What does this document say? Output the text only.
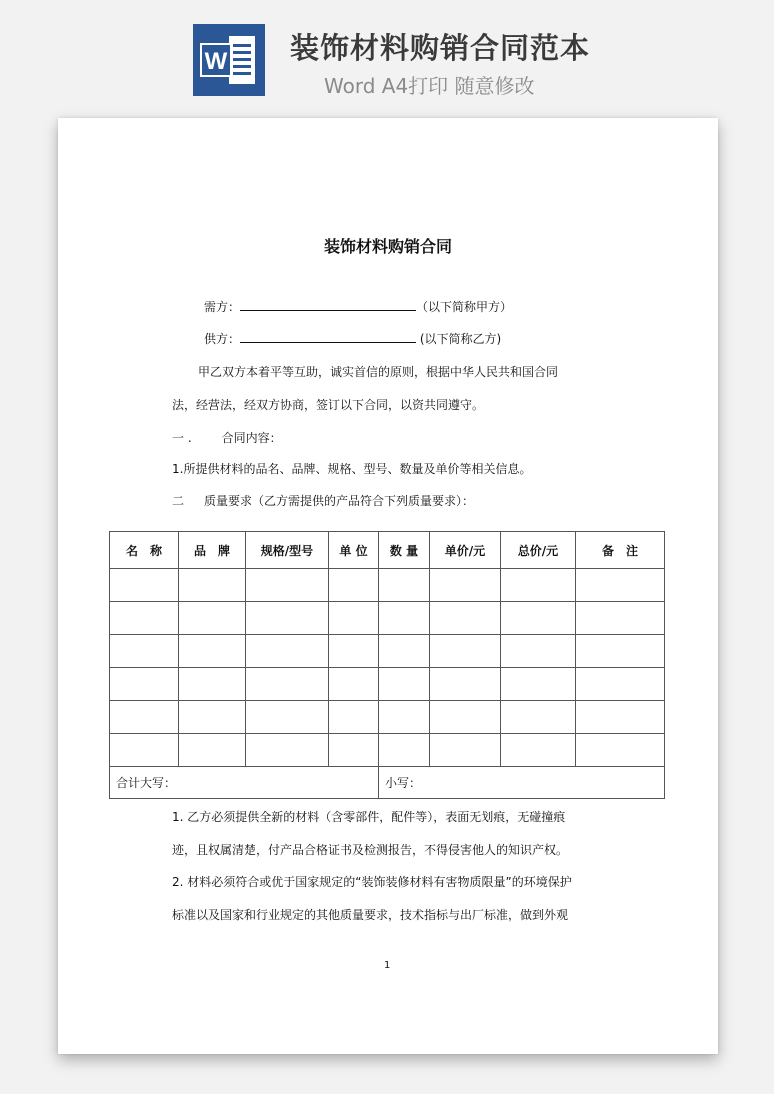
W 装饰材料购销合同范本
Word A4打印 随意修改
​
装饰材料购销合同
需方：	（以下简称甲方）
供方：	(以下简称乙方)
甲乙双方本着平等互助，诚实首信的原则，根据中华人民共和国合同
法，经营法，经双方协商，签订以下合同，以资共同遵守。
一 .	合同内容：
1.所提供材料的品名、品牌、规格、型号、数量及单价等相关信息。
二 质量要求（乙方需提供的产品符合下列质量要求）：
名　称	品　牌	规格/型号	单 位	数 量	单价/元	总价/元	备　注

合计大写：				小写：			
1. 乙方必须提供全新的材料（含零部件，配件等），表面无划痕，无碰撞痕
迹，且权属清楚，付产品合格证书及检测报告，不得侵害他人的知识产权。
2. 材料必须符合或优于国家规定的“装饰装修材料有害物质限量”的环境保护
标准以及国家和行业规定的其他质量要求，技术指标与出厂标准，做到外观
1
